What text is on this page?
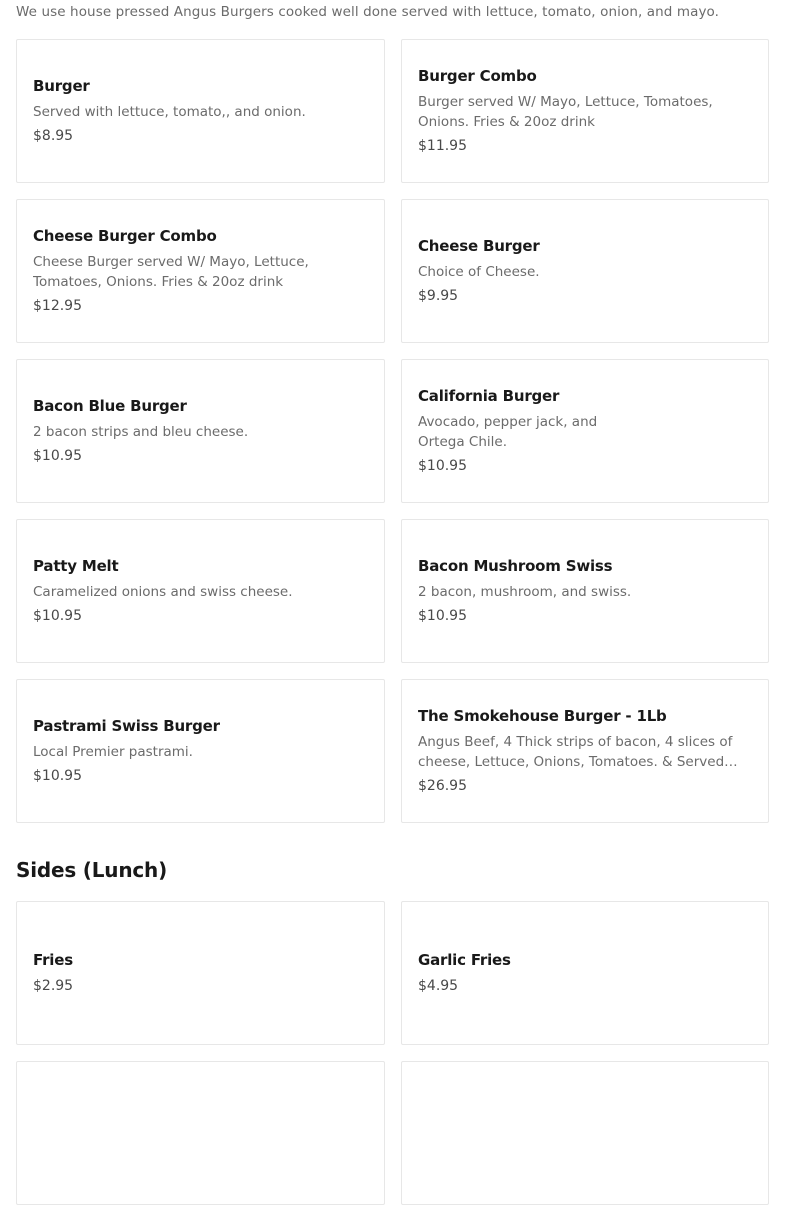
We use house pressed Angus Burgers cooked well done served with lettuce, tomato, onion, and mayo.
Burger
Served with lettuce, tomato,, and onion.
$8.95
Burger Combo
Burger served W/ Mayo, Lettuce, Tomatoes, Onions. Fries & 20oz drink
$11.95
Cheese Burger Combo
Cheese Burger served W/ Mayo, Lettuce, Tomatoes, Onions. Fries & 20oz drink
$12.95
Cheese Burger
Choice of Cheese.
$9.95
Bacon Blue Burger
2 bacon strips and bleu cheese.
$10.95
California Burger
Avocado, pepper jack, and Ortega Chile.
$10.95
Patty Melt
Caramelized onions and swiss cheese.
$10.95
Bacon Mushroom Swiss
2 bacon, mushroom, and swiss.
$10.95
Pastrami Swiss Burger
Local Premier pastrami.
$10.95
The Smokehouse Burger - 1Lb
Angus Beef, 4 Thick strips of bacon, 4 slices of cheese, Lettuce, Onions, Tomatoes. & Served
$26.95
Sides (Lunch)
Fries
$2.95
Garlic Fries
$4.95
